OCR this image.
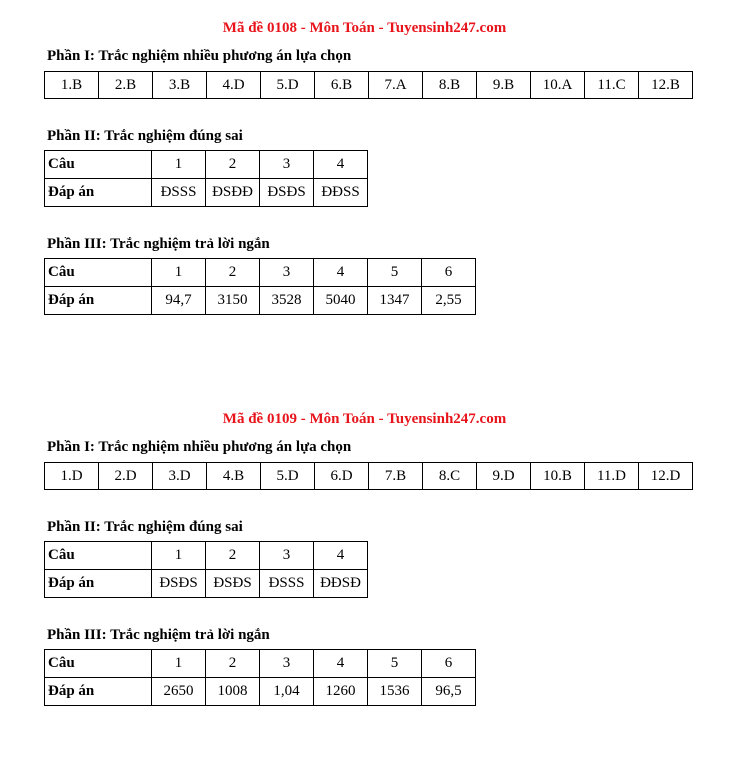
Mã đề 0108 - Môn Toán - Tuyensinh247.com
Phần I: Trắc nghiệm nhiều phương án lựa chọn
1.B	2.B	3.B	4.D	5.D	6.B	7.A	8.B	9.B	10.A	11.C	12.B
Phần II: Trắc nghiệm đúng sai
Câu	1	2	3	4
Đáp án	ĐSSS	ĐSĐĐ	ĐSĐS	ĐĐSS
Phần III: Trắc nghiệm trả lời ngắn
Câu	1	2	3	4	5	6
Đáp án	94,7	3150	3528	5040	1347	2,55
Mã đề 0109 - Môn Toán - Tuyensinh247.com
Phần I: Trắc nghiệm nhiều phương án lựa chọn
1.D	2.D	3.D	4.B	5.D	6.D	7.B	8.C	9.D	10.B	11.D	12.D
Phần II: Trắc nghiệm đúng sai
Câu	1	2	3	4
Đáp án	ĐSĐS	ĐSĐS	ĐSSS	ĐĐSĐ
Phần III: Trắc nghiệm trả lời ngắn
Câu	1	2	3	4	5	6
Đáp án	2650	1008	1,04	1260	1536	96,5
